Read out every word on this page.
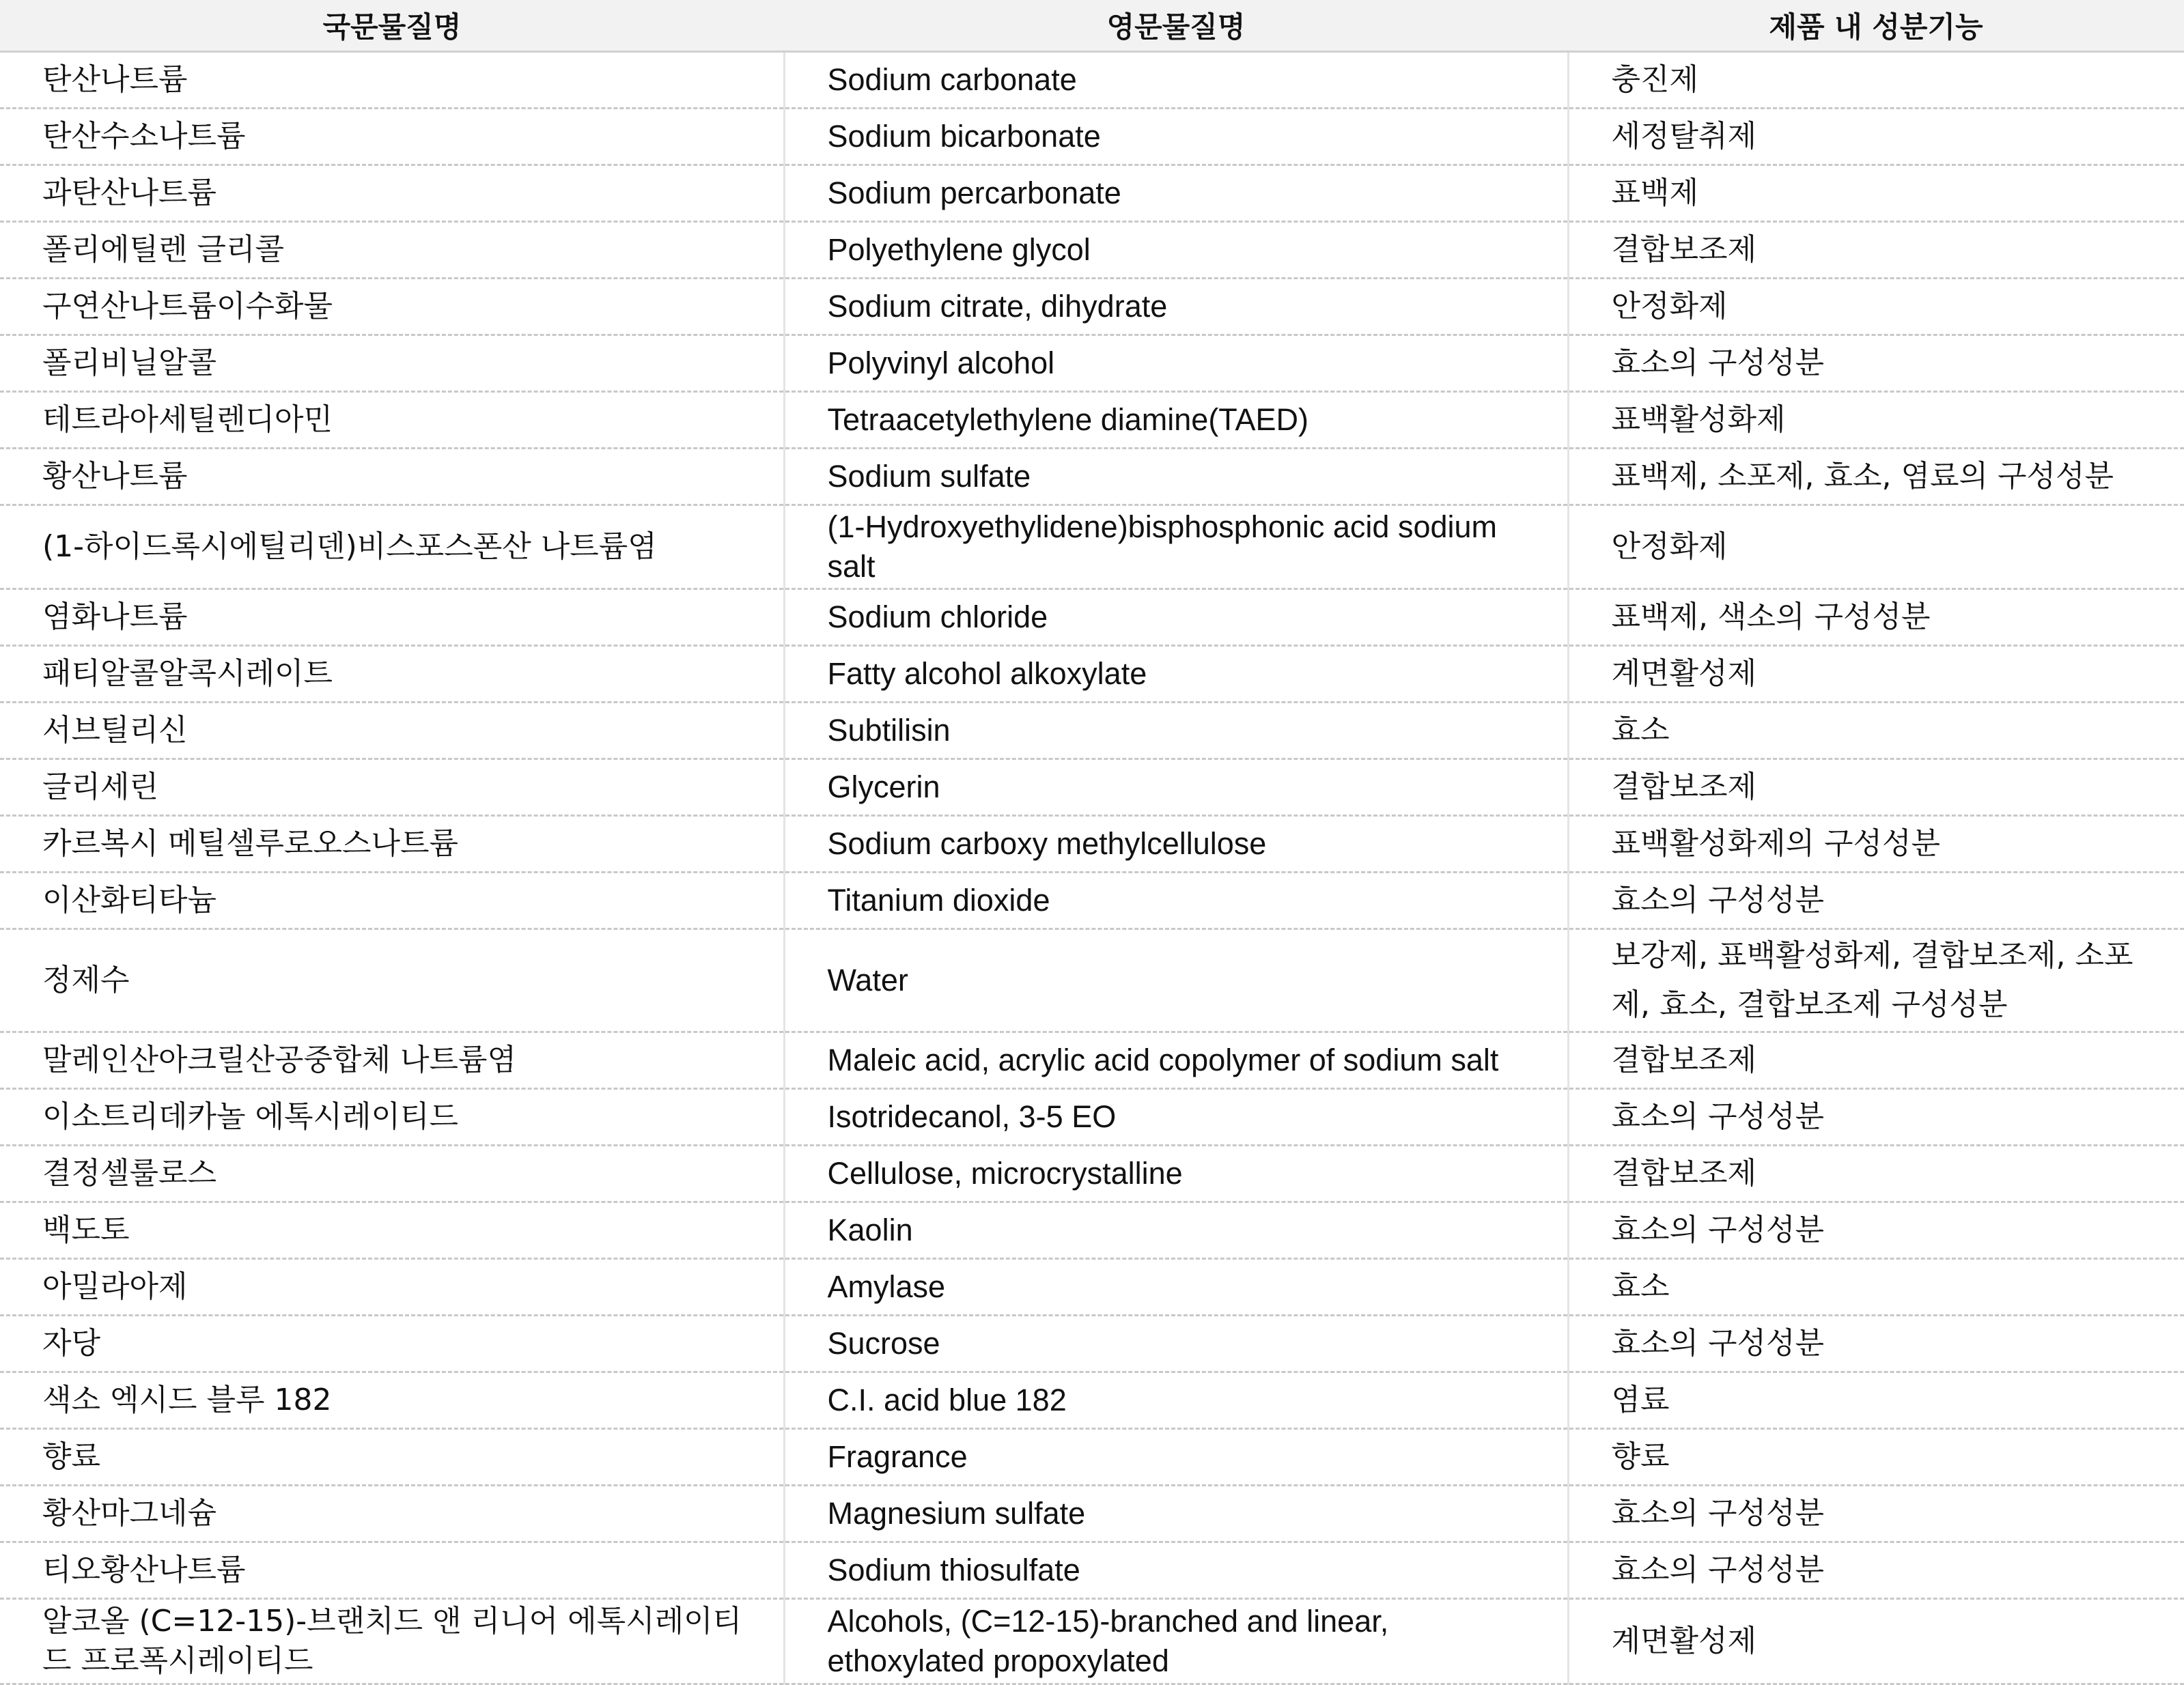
국문물질명	영문물질명	제품 내 성분기능
탄산나트륨	Sodium carbonate	충진제
탄산수소나트륨	Sodium bicarbonate	세정탈취제
과탄산나트륨	Sodium percarbonate	표백제
폴리에틸렌 글리콜	Polyethylene glycol	결합보조제
구연산나트륨이수화물	Sodium citrate, dihydrate	안정화제
폴리비닐알콜	Polyvinyl alcohol	효소의 구성성분
테트라아세틸렌디아민	Tetraacetylethylene diamine(TAED)	표백활성화제
황산나트륨	Sodium sulfate	표백제, 소포제, 효소, 염료의 구성성분
(1-하이드록시에틸리덴)비스포스폰산 나트륨염	(1-Hydroxyethylidene)bisphosphonic acid sodium salt	안정화제
염화나트륨	Sodium chloride	표백제, 색소의 구성성분
패티알콜알콕시레이트	Fatty alcohol alkoxylate	계면활성제
서브틸리신	Subtilisin	효소
글리세린	Glycerin	결합보조제
카르복시 메틸셀루로오스나트륨	Sodium carboxy methylcellulose	표백활성화제의 구성성분
이산화티타늄	Titanium dioxide	효소의 구성성분
정제수	Water	보강제, 표백활성화제, 결합보조제, 소포제, 효소, 결합보조제 구성성분
말레인산아크릴산공중합체 나트륨염	Maleic acid, acrylic acid copolymer of sodium salt	결합보조제
이소트리데카놀 에톡시레이티드	Isotridecanol, 3-5 EO	효소의 구성성분
결정셀룰로스	Cellulose, microcrystalline	결합보조제
백도토	Kaolin	효소의 구성성분
아밀라아제	Amylase	효소
자당	Sucrose	효소의 구성성분
색소 엑시드 블루 182	C.I. acid blue 182	염료
향료	Fragrance	향료
황산마그네슘	Magnesium sulfate	효소의 구성성분
티오황산나트륨	Sodium thiosulfate	효소의 구성성분
알코올 (C=12-15)-브랜치드 앤 리니어 에톡시레이티드 프로폭시레이티드	Alcohols, (C=12-15)-branched and linear, ethoxylated propoxylated	계면활성제
